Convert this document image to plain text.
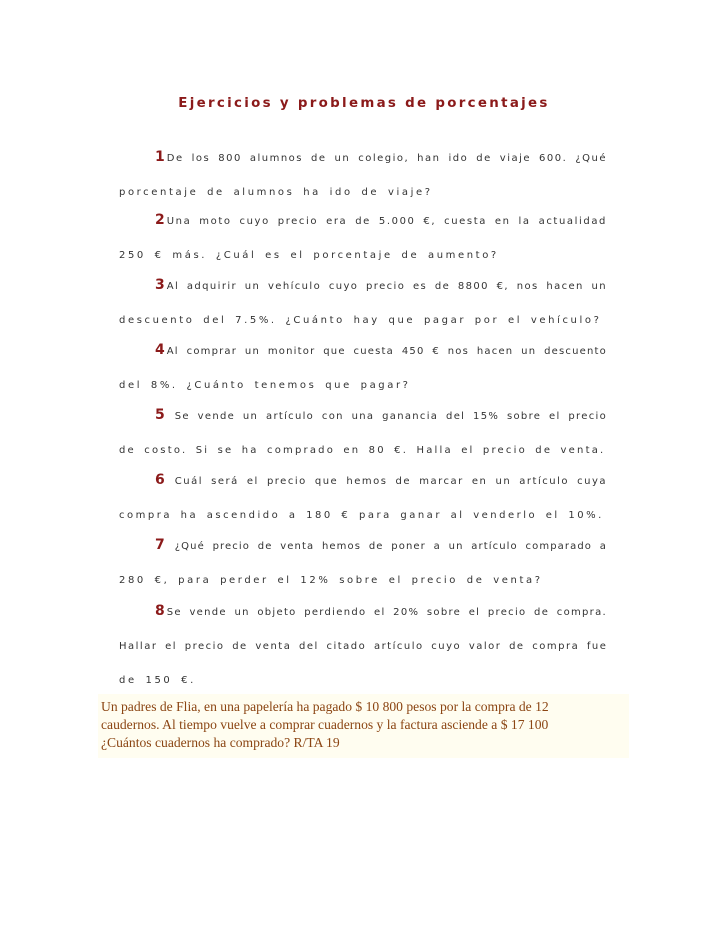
Ejercicios y problemas de porcentajes
1 De los 800 alumnos de un colegio, han ido de viaje 600. ¿Qué
porcentaje de alumnos ha ido de viaje?
2 Una moto cuyo precio era de 5.000 €, cuesta en la actualidad
250 € más. ¿Cuál es el porcentaje de aumento?
3 Al adquirir un vehículo cuyo precio es de 8800 €, nos hacen un
descuento del 7.5%. ¿Cuánto hay que pagar por el vehículo?
4 Al comprar un monitor que cuesta 450 € nos hacen un descuento
del 8%. ¿Cuánto tenemos que pagar?
5 Se vende un artículo con una ganancia del 15% sobre el precio
de costo. Si se ha comprado en 80 €. Halla el precio de venta.
6 Cuál será el precio que hemos de marcar en un artículo cuya
compra ha ascendido a 180 € para ganar al venderlo el 10%.
7 ¿Qué precio de venta hemos de poner a un artículo comparado a
280 €, para perder el 12% sobre el precio de venta?
8 Se vende un objeto perdiendo el 20% sobre el precio de compra.
Hallar el precio de venta del citado artículo cuyo valor de compra fue
de 150 €.
Un padres de Flia, en una papelería ha pagado $ 10 800 pesos por la compra de 12
caudernos. Al tiempo vuelve a comprar cuadernos y la factura asciende a $ 17 100
¿Cuántos cuadernos ha comprado? R/TA 19
